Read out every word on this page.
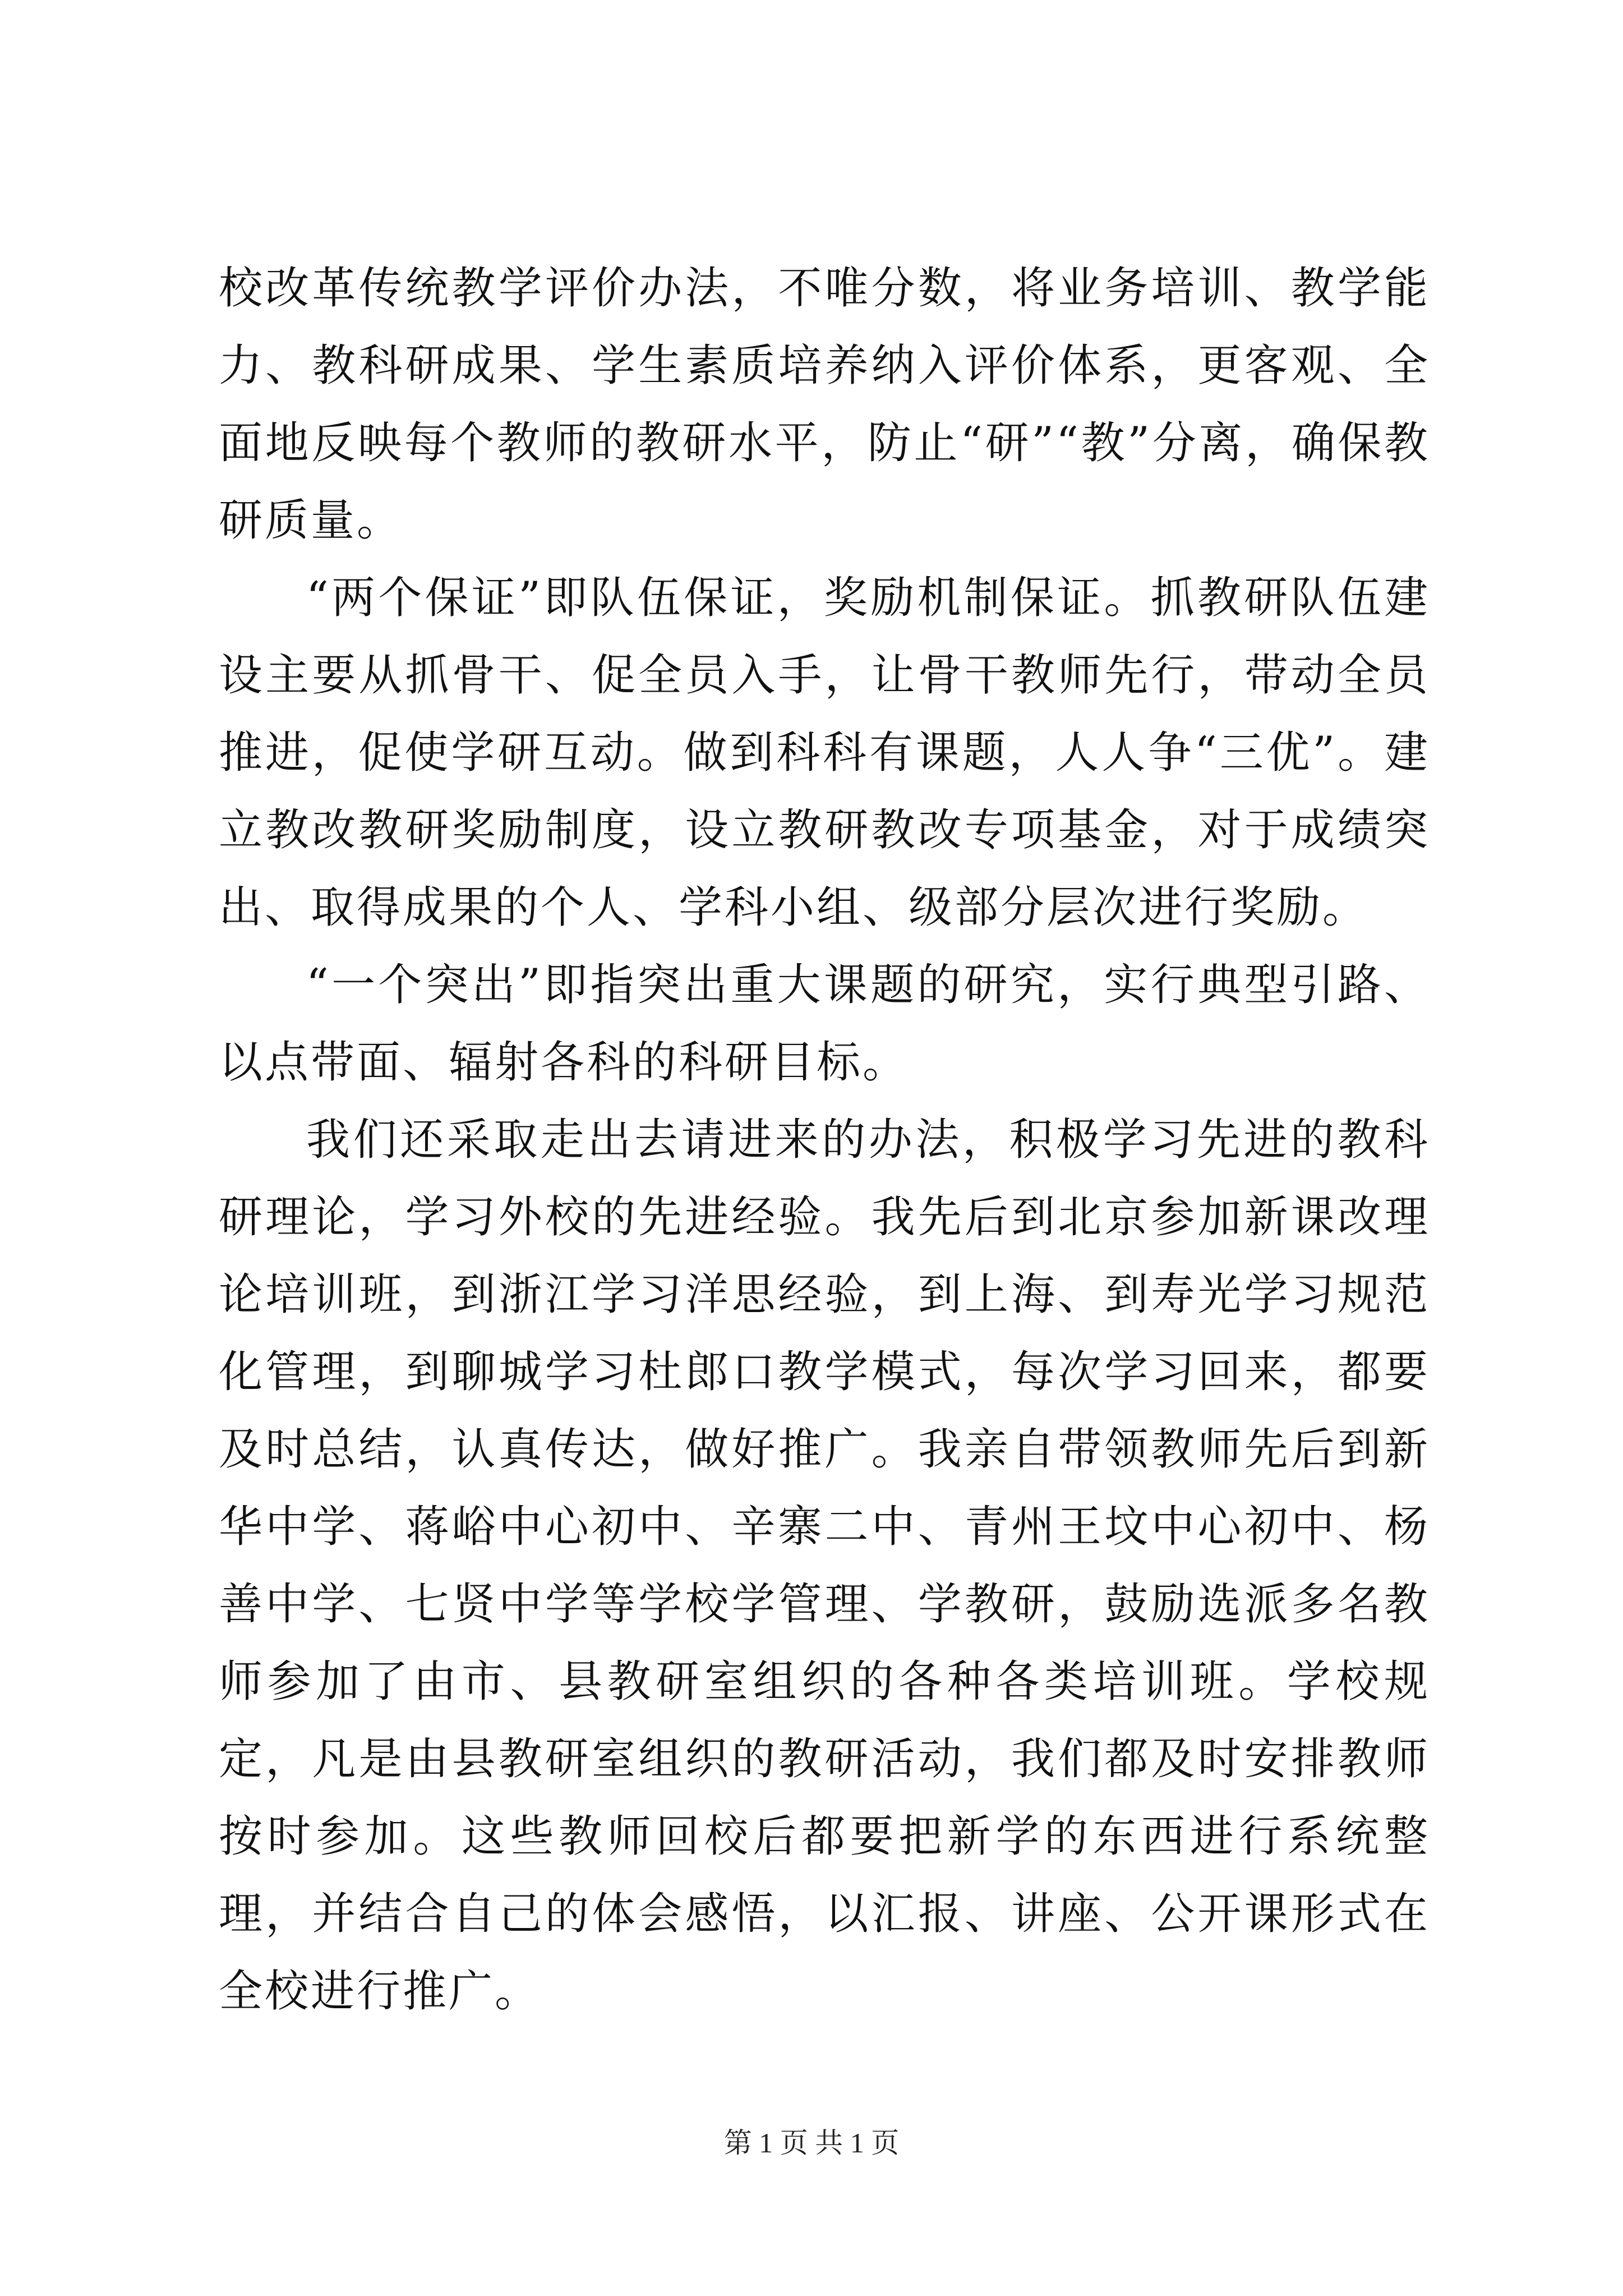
校改革传统教学评价办法，不唯分数，将业务培训、教学能力、教科研成果、学生素质培养纳入评价体系，更客观、全面地反映每个教师的教研水平，防止“研”“教”分离，确保教研质量。

“两个保证”即队伍保证，奖励机制保证。抓教研队伍建设主要从抓骨干、促全员入手，让骨干教师先行，带动全员推进，促使学研互动。做到科科有课题，人人争“三优”。建立教改教研奖励制度，设立教研教改专项基金，对于成绩突出、取得成果的个人、学科小组、级部分层次进行奖励。

“一个突出”即指突出重大课题的研究，实行典型引路、以点带面、辐射各科的科研目标。

我们还采取走出去请进来的办法，积极学习先进的教科研理论，学习外校的先进经验。我先后到北京参加新课改理论培训班，到浙江学习洋思经验，到上海、到寿光学习规范化管理，到聊城学习杜郎口教学模式，每次学习回来，都要及时总结，认真传达，做好推广。我亲自带领教师先后到新华中学、蒋峪中心初中、辛寨二中、青州王坟中心初中、杨善中学、七贤中学等学校学管理、学教研，鼓励选派多名教师参加了由市、县教研室组织的各种各类培训班。学校规定，凡是由县教研室组织的教研活动，我们都及时安排教师按时参加。这些教师回校后都要把新学的东西进行系统整理，并结合自己的体会感悟，以汇报、讲座、公开课形式在全校进行推广。

第 1 页 共 1 页
